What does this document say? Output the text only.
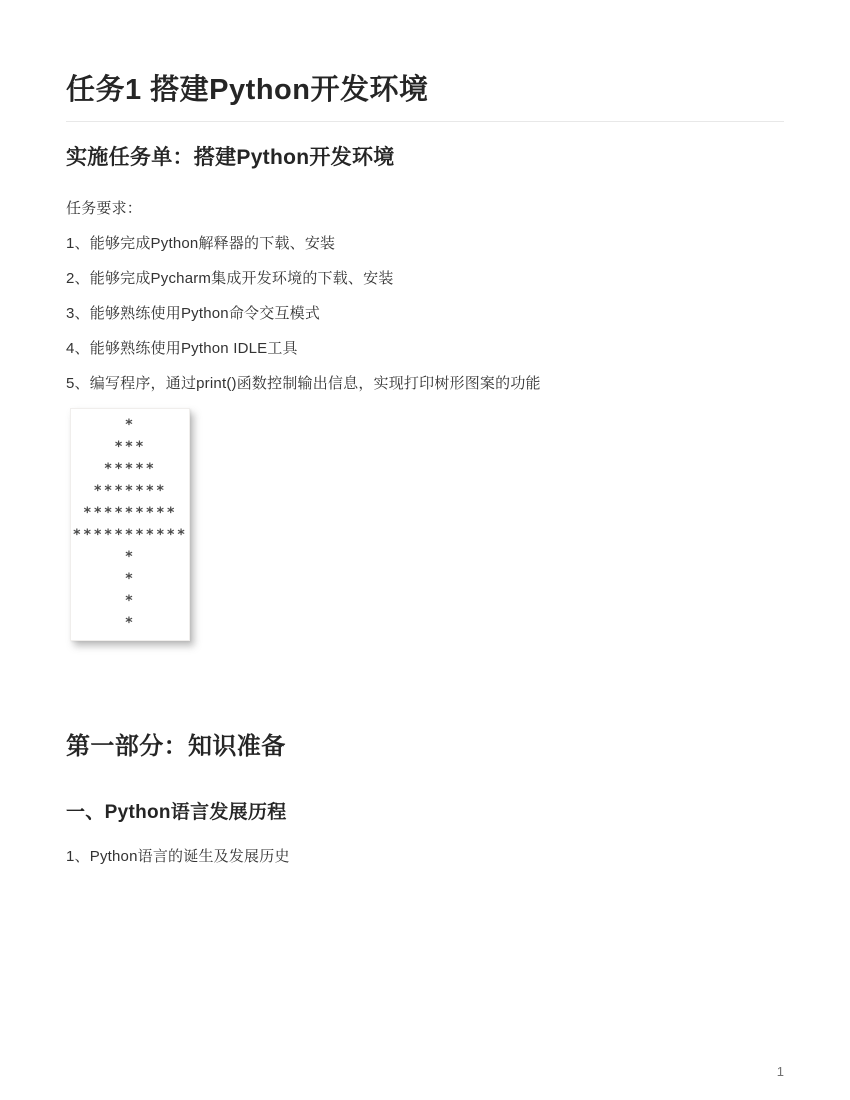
任务1 搭建Python开发环境
实施任务单：搭建Python开发环境

任务要求：

1、能够完成Python解释器的下载、安装

2、能够完成Pycharm集成开发环境的下载、安装

3、能够熟练使用Python命令交互模式

4、能够熟练使用Python IDLE工具

5、编写程序，通过print()函数控制输出信息，实现打印树形图案的功能

*
***
*****
*******
*********
***********
*
*
*
*
第一部分：知识准备
一、Python语言发展历程

1、Python语言的诞生及发展历史

1
